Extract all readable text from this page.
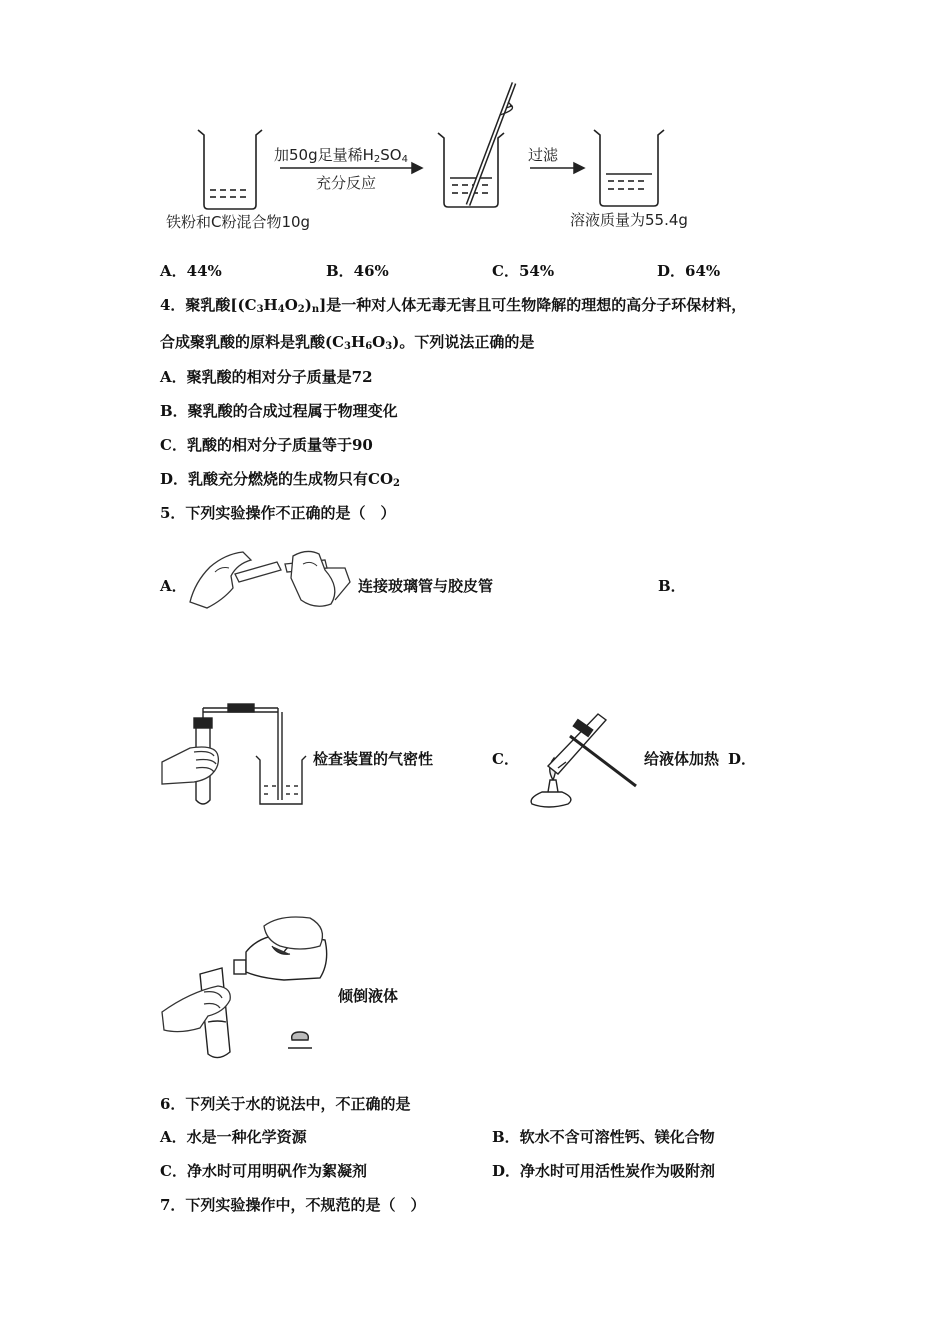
加50g足量稀$H_2SO_4$
充分反应
过滤
铁粉和C粉混合物10g	溶液质量为55.4g
A．44%	B．46%	C．54%	D．64%
4．聚乳酸$[(C_3H_4O_2)_n]$是一种对人体无毒无害且可生物降解的理想的高分子环保材料，
合成聚乳酸的原料是乳酸$(C_3H_6O_3)$。下列说法正确的是
A．聚乳酸的相对分子质量是72
B．聚乳酸的合成过程属于物理变化
C．乳酸的相对分子质量等于90
D．乳酸充分燃烧的生成物只有$CO_2$
5．下列实验操作不正确的是（　）
A．	连接玻璃管与胶皮管	B．
检查装置的气密性	C．	给液体加热 D．
倾倒液体
6．下列关于水的说法中，不正确的是
A．水是一种化学资源	B．软水不含可溶性钙、镁化合物
C．净水时可用明矾作为絮凝剂	D．净水时可用活性炭作为吸附剂
7．下列实验操作中，不规范的是（　）
